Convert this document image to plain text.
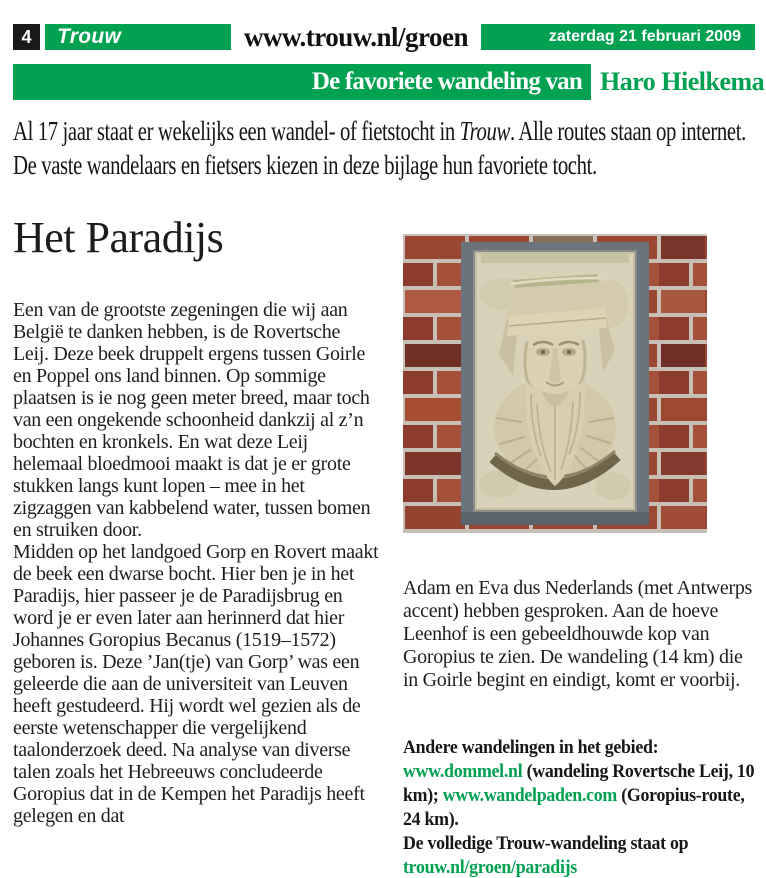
4	Trouw	www.trouw.nl/groen	zaterdag 21 februari 2009
De favoriete wandeling van Haro Hielkema

Al 17 jaar staat er wekelijks een wandel- of fietstocht in Trouw. Alle routes staan op internet. De vaste wandelaars en fietsers kiezen in deze bijlage hun favoriete tocht.

Het Paradijs

Een van de grootste zegeningen die wij aan België te danken hebben, is de Rovertsche Leij. Deze beek druppelt ergens tussen Goirle en Poppel ons land binnen. Op sommige plaatsen is ie nog geen meter breed, maar toch van een ongekende schoonheid dankzij al z’n bochten en kronkels. En wat deze Leij helemaal bloedmooi maakt is dat je er grote stukken langs kunt lopen – mee in het zigzaggen van kabbelend water, tussen bomen en struiken door.

Midden op het landgoed Gorp en Rovert maakt de beek een dwarse bocht. Hier ben je in het Paradijs, hier passeer je de Paradijsbrug en word je er even later aan herinnerd dat hier Johannes Goropius Becanus (1519–1572) geboren is. Deze ’Jan(tje) van Gorp’ was een geleerde die aan de universiteit van Leuven heeft gestudeerd. Hij wordt wel gezien als de eerste wetenschapper die vergelijkend taalonderzoek deed. Na analyse van diverse talen zoals het Hebreeuws concludeerde Goropius dat in de Kempen het Paradijs heeft gelegen en dat

Adam en Eva dus Nederlands (met Antwerps accent) hebben gesproken. Aan de hoeve Leenhof is een gebeeldhouwde kop van Goropius te zien. De wandeling (14 km) die in Goirle begint en eindigt, komt er voorbij.

Andere wandelingen in het gebied:
www.dommel.nl (wandeling Rovertsche Leij, 10 km); www.wandelpaden.com (Goropius-route, 24 km).
De volledige Trouw-wandeling staat op
trouw.nl/groen/paradijs
